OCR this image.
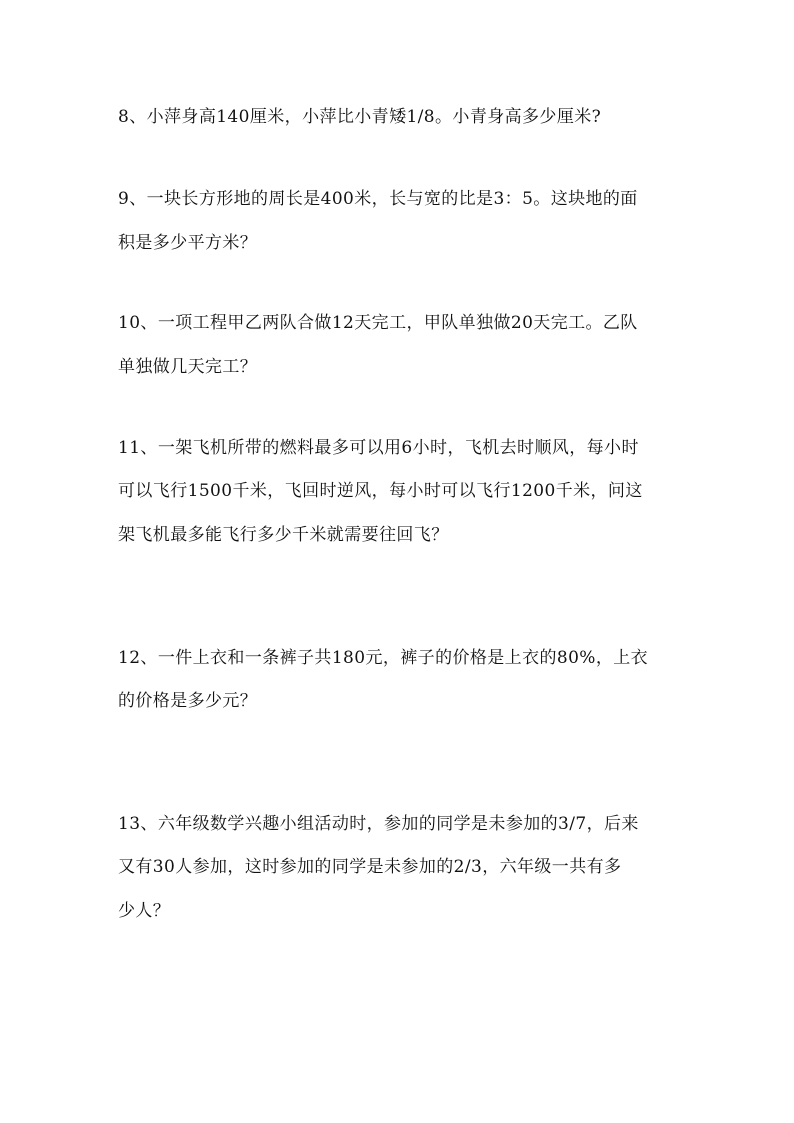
8、小萍身高140厘米，小萍比小青矮1/8。小青身高多少厘米?
9、一块长方形地的周长是400米，长与宽的比是3：5。这块地的面
积是多少平方米？
10、一项工程甲乙两队合做12天完工，甲队单独做20天完工。乙队
单独做几天完工？
11、一架飞机所带的燃料最多可以用6小时，飞机去时顺风，每小时
可以飞行1500千米，飞回时逆风，每小时可以飞行1200千米，问这
架飞机最多能飞行多少千米就需要往回飞？
12、一件上衣和一条裤子共180元，裤子的价格是上衣的80%，上衣
的价格是多少元？
13、六年级数学兴趣小组活动时，参加的同学是未参加的3/7，后来
又有30人参加，这时参加的同学是未参加的2/3，六年级一共有多
少人？
